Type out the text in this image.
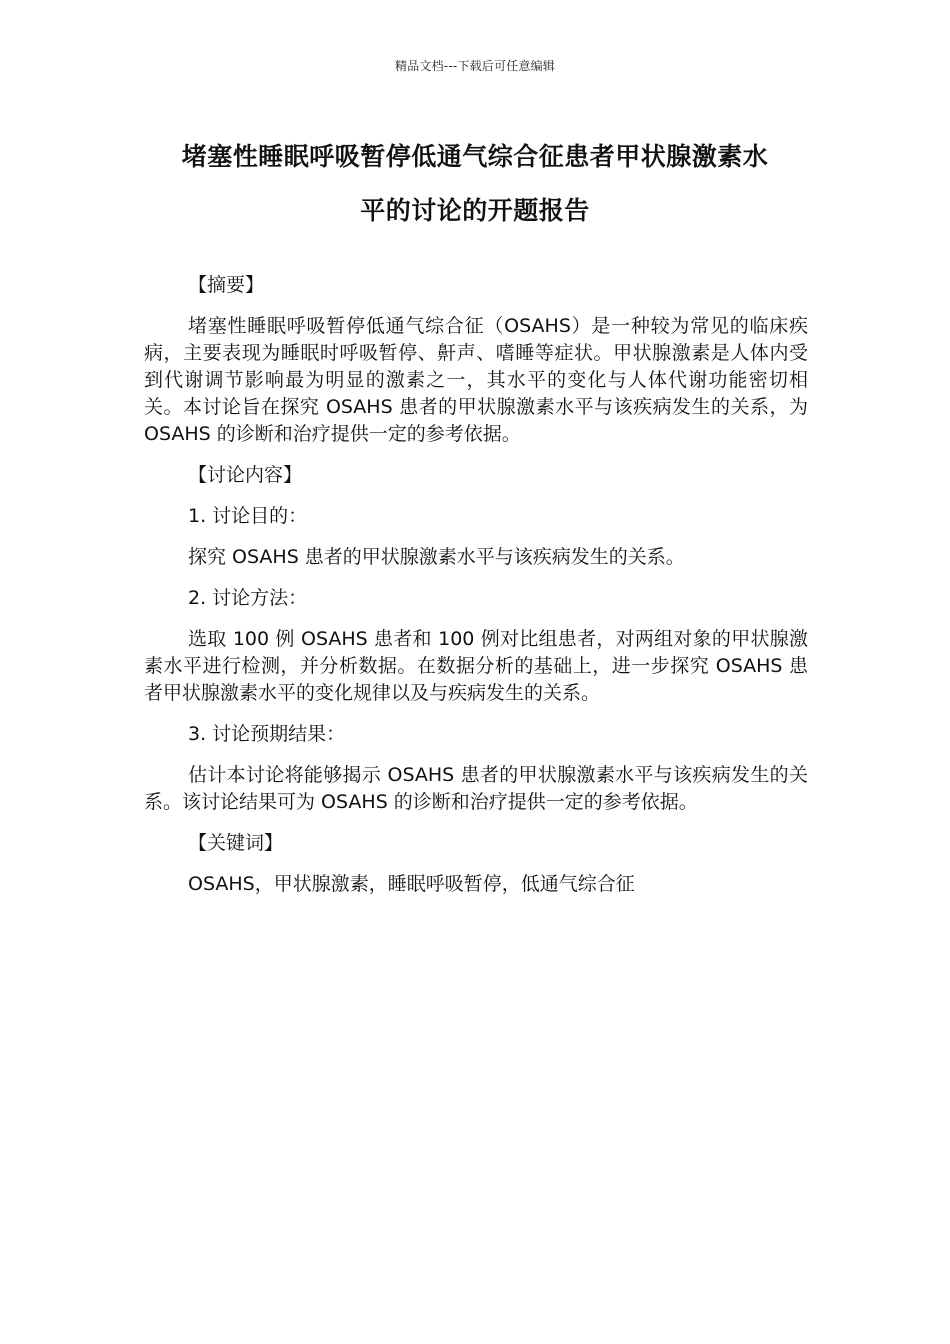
精品文档---下载后可任意编辑
堵塞性睡眠呼吸暂停低通气综合征患者甲状腺激素水
平的讨论的开题报告

【摘要】

堵塞性睡眠呼吸暂停低通气综合征（OSAHS）是一种较为常见的临床疾病，主要表现为睡眠时呼吸暂停、鼾声、嗜睡等症状。甲状腺激素是人体内受到代谢调节影响最为明显的激素之一，其水平的变化与人体代谢功能密切相关。本讨论旨在探究 OSAHS 患者的甲状腺激素水平与该疾病发生的关系，为 OSAHS 的诊断和治疗提供一定的参考依据。

【讨论内容】

1. 讨论目的：

探究 OSAHS 患者的甲状腺激素水平与该疾病发生的关系。

2. 讨论方法：

选取 100 例 OSAHS 患者和 100 例对比组患者，对两组对象的甲状腺激素水平进行检测，并分析数据。在数据分析的基础上，进一步探究 OSAHS 患者甲状腺激素水平的变化规律以及与疾病发生的关系。

3. 讨论预期结果：

估计本讨论将能够揭示 OSAHS 患者的甲状腺激素水平与该疾病发生的关系。该讨论结果可为 OSAHS 的诊断和治疗提供一定的参考依据。

【关键词】

OSAHS，甲状腺激素，睡眠呼吸暂停，低通气综合征
